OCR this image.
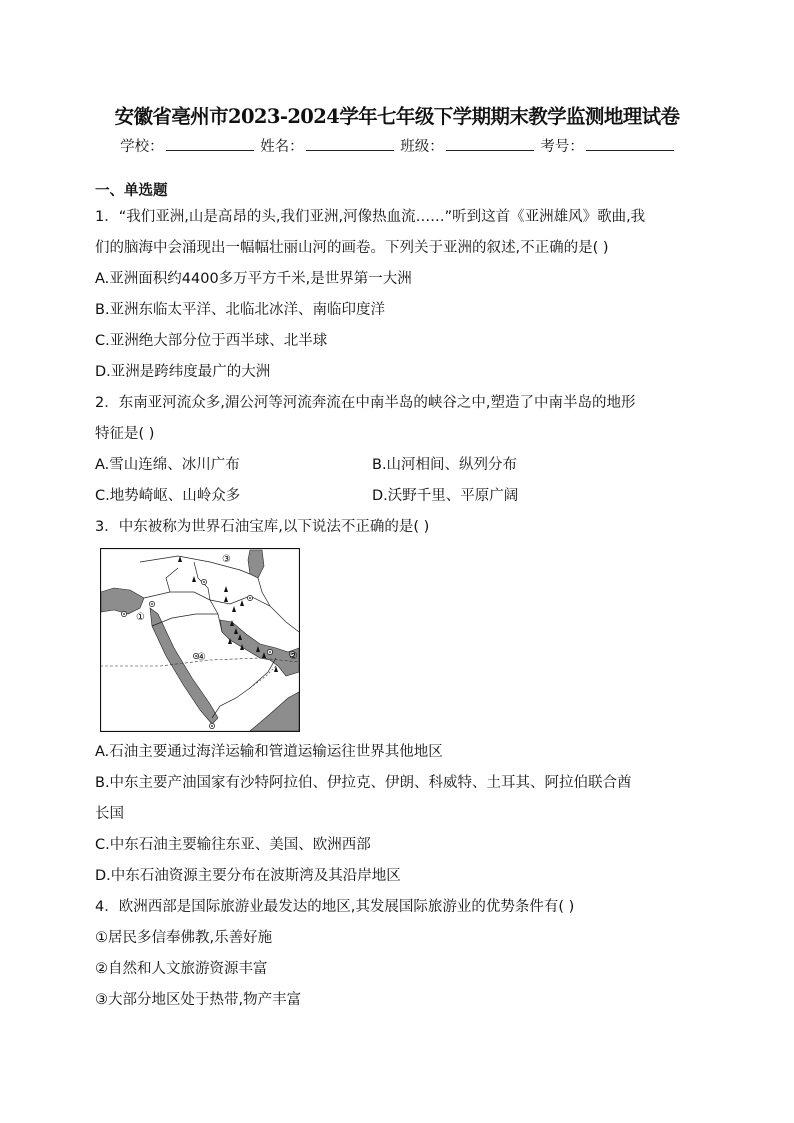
安徽省亳州市2023-2024学年七年级下学期期末教学监测地理试卷
学校：	姓名：	班级：	考号：
一、单选题
1．“我们亚洲,山是高昂的头,我们亚洲,河像热血流……”听到这首《亚洲雄风》歌曲,我
们的脑海中会涌现出一幅幅壮丽山河的画卷。下列关于亚洲的叙述,不正确的是( )
A.亚洲面积约4400多万平方千米,是世界第一大洲
B.亚洲东临太平洋、北临北冰洋、南临印度洋
C.亚洲绝大部分位于西半球、北半球
D.亚洲是跨纬度最广的大洲
2．东南亚河流众多,湄公河等河流奔流在中南半岛的峡谷之中,塑造了中南半岛的地形
特征是( )
A.雪山连绵、冰川广布	B.山河相间、纵列分布
C.地势崎岖、山岭众多	D.沃野千里、平原广阔
3．中东被称为世界石油宝库,以下说法不正确的是( )
①
②
③
④
A.石油主要通过海洋运输和管道运输运往世界其他地区
B.中东主要产油国家有沙特阿拉伯、伊拉克、伊朗、科威特、土耳其、阿拉伯联合酋
长国
C.中东石油主要输往东亚、美国、欧洲西部
D.中东石油资源主要分布在波斯湾及其沿岸地区
4．欧洲西部是国际旅游业最发达的地区,其发展国际旅游业的优势条件有( )
①居民多信奉佛教,乐善好施
②自然和人文旅游资源丰富
③大部分地区处于热带,物产丰富
